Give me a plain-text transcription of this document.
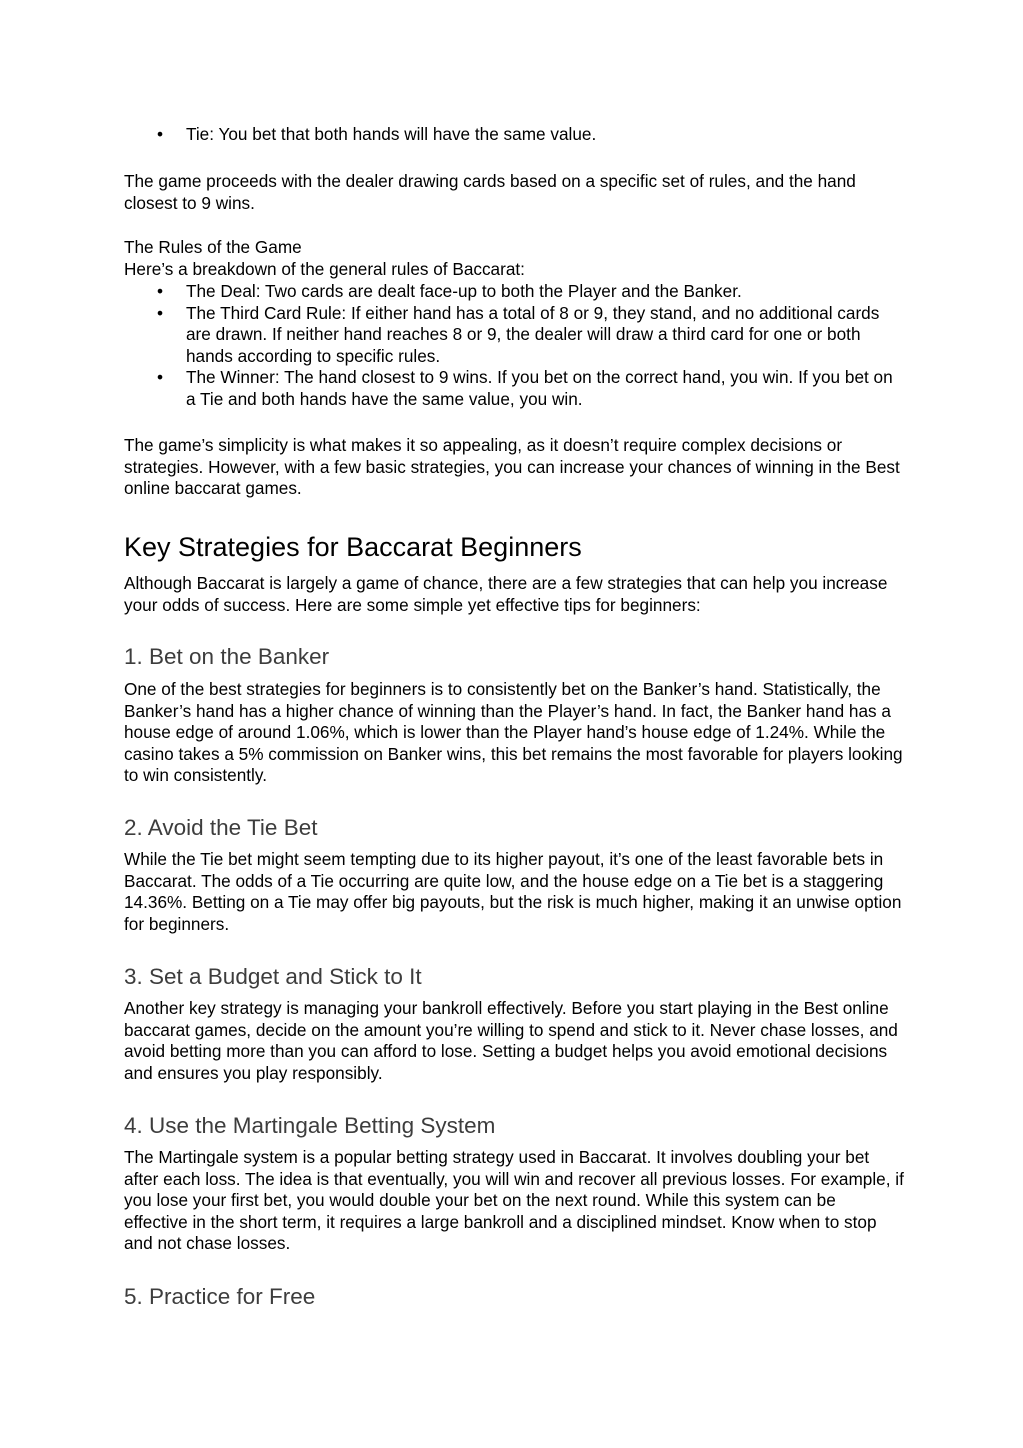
• Tie: You bet that both hands will have the same value.

The game proceeds with the dealer drawing cards based on a specific set of rules, and the hand closest to 9 wins.

The Rules of the Game

Here’s a breakdown of the general rules of Baccarat:

• The Deal: Two cards are dealt face-up to both the Player and the Banker.
• The Third Card Rule: If either hand has a total of 8 or 9, they stand, and no additional cards are drawn. If neither hand reaches 8 or 9, the dealer will draw a third card for one or both hands according to specific rules.
• The Winner: The hand closest to 9 wins. If you bet on the correct hand, you win. If you bet on a Tie and both hands have the same value, you win.

The game’s simplicity is what makes it so appealing, as it doesn’t require complex decisions or strategies. However, with a few basic strategies, you can increase your chances of winning in the Best online baccarat games.

Key Strategies for Baccarat Beginners

Although Baccarat is largely a game of chance, there are a few strategies that can help you increase your odds of success. Here are some simple yet effective tips for beginners:

1. Bet on the Banker

One of the best strategies for beginners is to consistently bet on the Banker’s hand. Statistically, the Banker’s hand has a higher chance of winning than the Player’s hand. In fact, the Banker hand has a house edge of around 1.06%, which is lower than the Player hand’s house edge of 1.24%. While the casino takes a 5% commission on Banker wins, this bet remains the most favorable for players looking to win consistently.

2. Avoid the Tie Bet

While the Tie bet might seem tempting due to its higher payout, it’s one of the least favorable bets in Baccarat. The odds of a Tie occurring are quite low, and the house edge on a Tie bet is a staggering 14.36%. Betting on a Tie may offer big payouts, but the risk is much higher, making it an unwise option for beginners.

3. Set a Budget and Stick to It

Another key strategy is managing your bankroll effectively. Before you start playing in the Best online baccarat games, decide on the amount you’re willing to spend and stick to it. Never chase losses, and avoid betting more than you can afford to lose. Setting a budget helps you avoid emotional decisions and ensures you play responsibly.

4. Use the Martingale Betting System

The Martingale system is a popular betting strategy used in Baccarat. It involves doubling your bet after each loss. The idea is that eventually, you will win and recover all previous losses. For example, if you lose your first bet, you would double your bet on the next round. While this system can be effective in the short term, it requires a large bankroll and a disciplined mindset. Know when to stop and not chase losses.

5. Practice for Free
